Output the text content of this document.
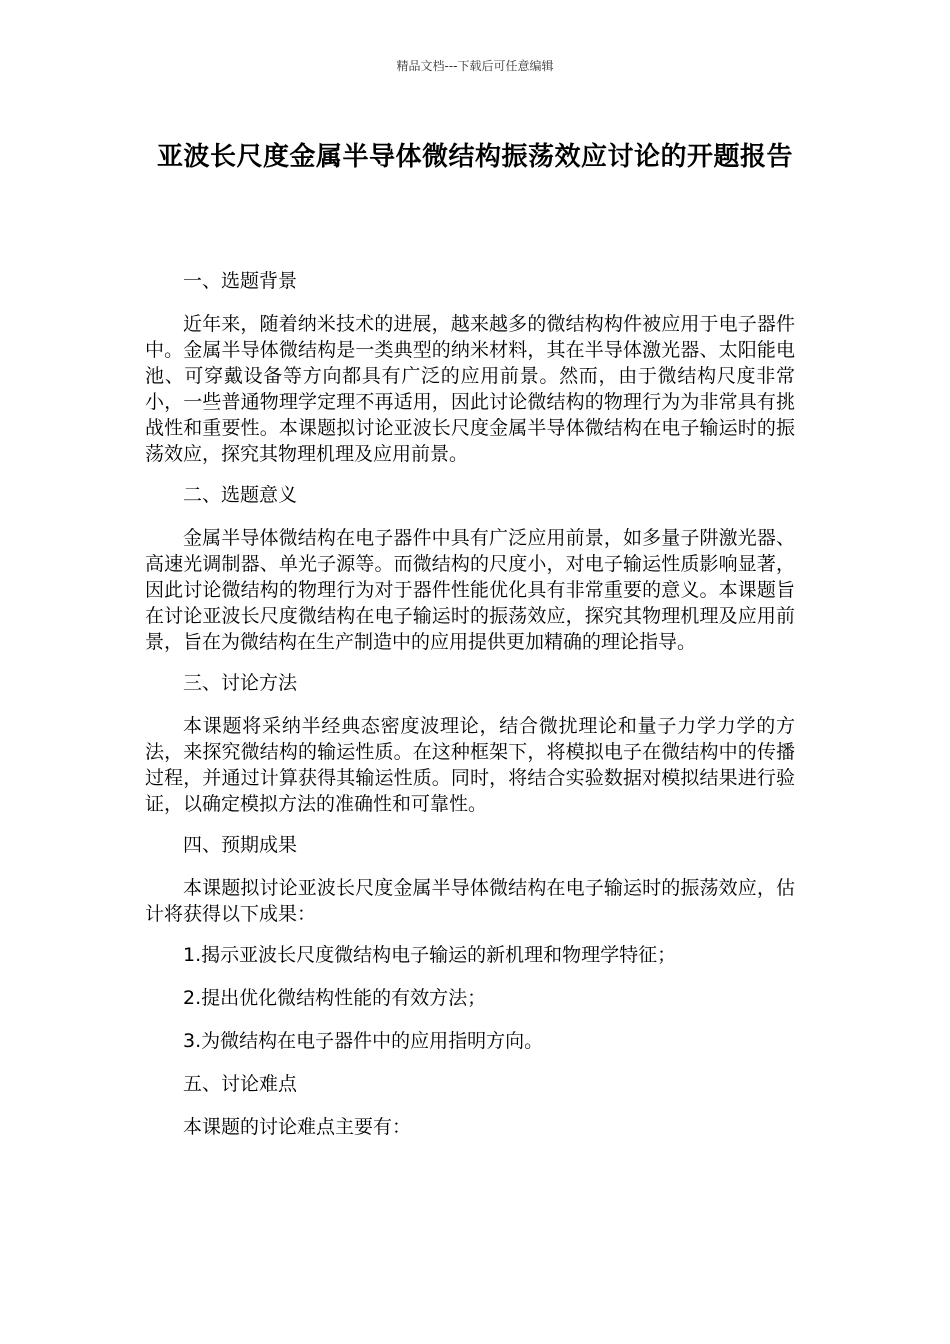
精品文档---下载后可任意编辑
亚波长尺度金属半导体微结构振荡效应讨论的开题报告

一、选题背景

近年来，随着纳米技术的进展，越来越多的微结构构件被应用于电子器件中。金属半导体微结构是一类典型的纳米材料，其在半导体激光器、太阳能电池、可穿戴设备等方向都具有广泛的应用前景。然而，由于微结构尺度非常小，一些普通物理学定理不再适用，因此讨论微结构的物理行为为非常具有挑战性和重要性。本课题拟讨论亚波长尺度金属半导体微结构在电子输运时的振荡效应，探究其物理机理及应用前景。

二、选题意义

金属半导体微结构在电子器件中具有广泛应用前景，如多量子阱激光器、高速光调制器、单光子源等。而微结构的尺度小，对电子输运性质影响显著，因此讨论微结构的物理行为对于器件性能优化具有非常重要的意义。本课题旨在讨论亚波长尺度微结构在电子输运时的振荡效应，探究其物理机理及应用前景，旨在为微结构在生产制造中的应用提供更加精确的理论指导。

三、讨论方法

本课题将采纳半经典态密度波理论，结合微扰理论和量子力学力学的方法，来探究微结构的输运性质。在这种框架下，将模拟电子在微结构中的传播过程，并通过计算获得其输运性质。同时，将结合实验数据对模拟结果进行验证，以确定模拟方法的准确性和可靠性。

四、预期成果

本课题拟讨论亚波长尺度金属半导体微结构在电子输运时的振荡效应，估计将获得以下成果：

1.揭示亚波长尺度微结构电子输运的新机理和物理学特征；

2.提出优化微结构性能的有效方法；

3.为微结构在电子器件中的应用指明方向。

五、讨论难点

本课题的讨论难点主要有：
